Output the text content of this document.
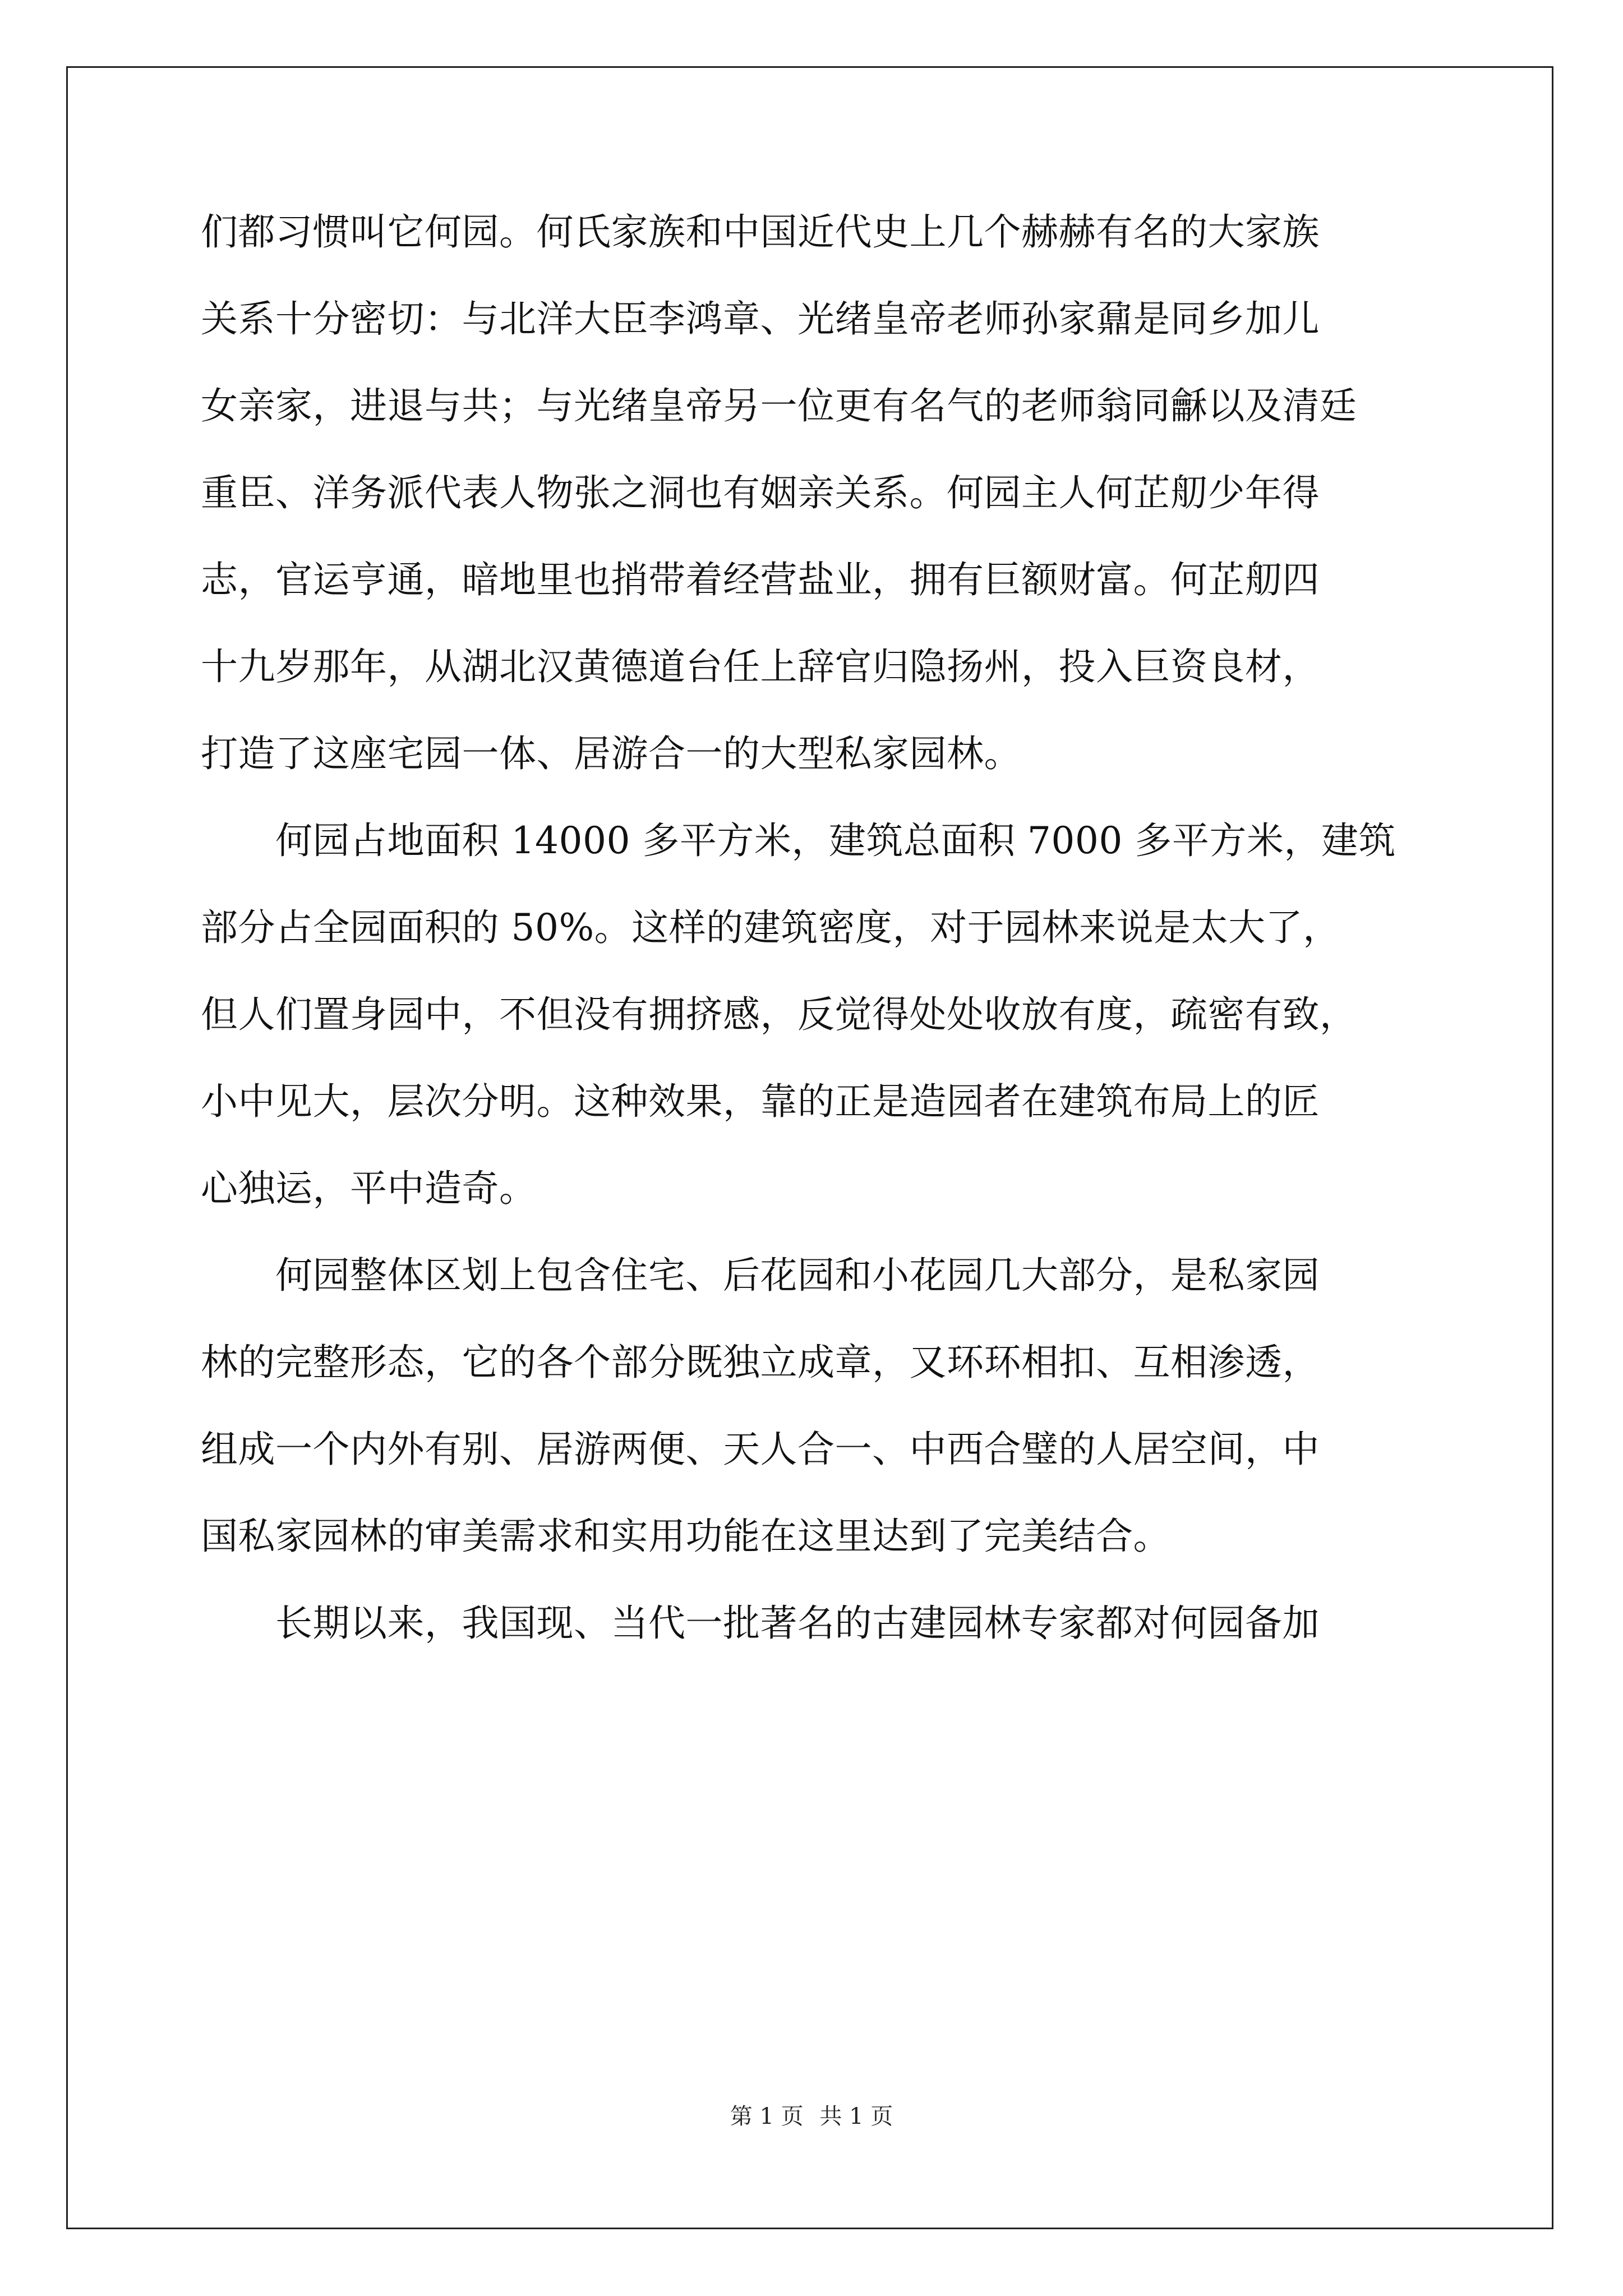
们都习惯叫它何园。何氏家族和中国近代史上几个赫赫有名的大家族
关系十分密切：与北洋大臣李鸿章、光绪皇帝老师孙家鼐是同乡加儿
女亲家，进退与共；与光绪皇帝另一位更有名气的老师翁同龢以及清廷
重臣、洋务派代表人物张之洞也有姻亲关系。何园主人何芷舠少年得
志，官运亨通，暗地里也捎带着经营盐业，拥有巨额财富。何芷舠四
十九岁那年，从湖北汉黄德道台任上辞官归隐扬州，投入巨资良材，
打造了这座宅园一体、居游合一的大型私家园林。
　　何园占地面积 14000 多平方米，建筑总面积 7000 多平方米，建筑
部分占全园面积的 50%。这样的建筑密度，对于园林来说是太大了，
但人们置身园中，不但没有拥挤感，反觉得处处收放有度，疏密有致，
小中见大，层次分明。这种效果，靠的正是造园者在建筑布局上的匠
心独运，平中造奇。
　　何园整体区划上包含住宅、后花园和小花园几大部分，是私家园
林的完整形态，它的各个部分既独立成章，又环环相扣、互相渗透，
组成一个内外有别、居游两便、天人合一、中西合璧的人居空间，中
国私家园林的审美需求和实用功能在这里达到了完美结合。
　　长期以来，我国现、当代一批著名的古建园林专家都对何园备加
第 1 页 共 1 页
